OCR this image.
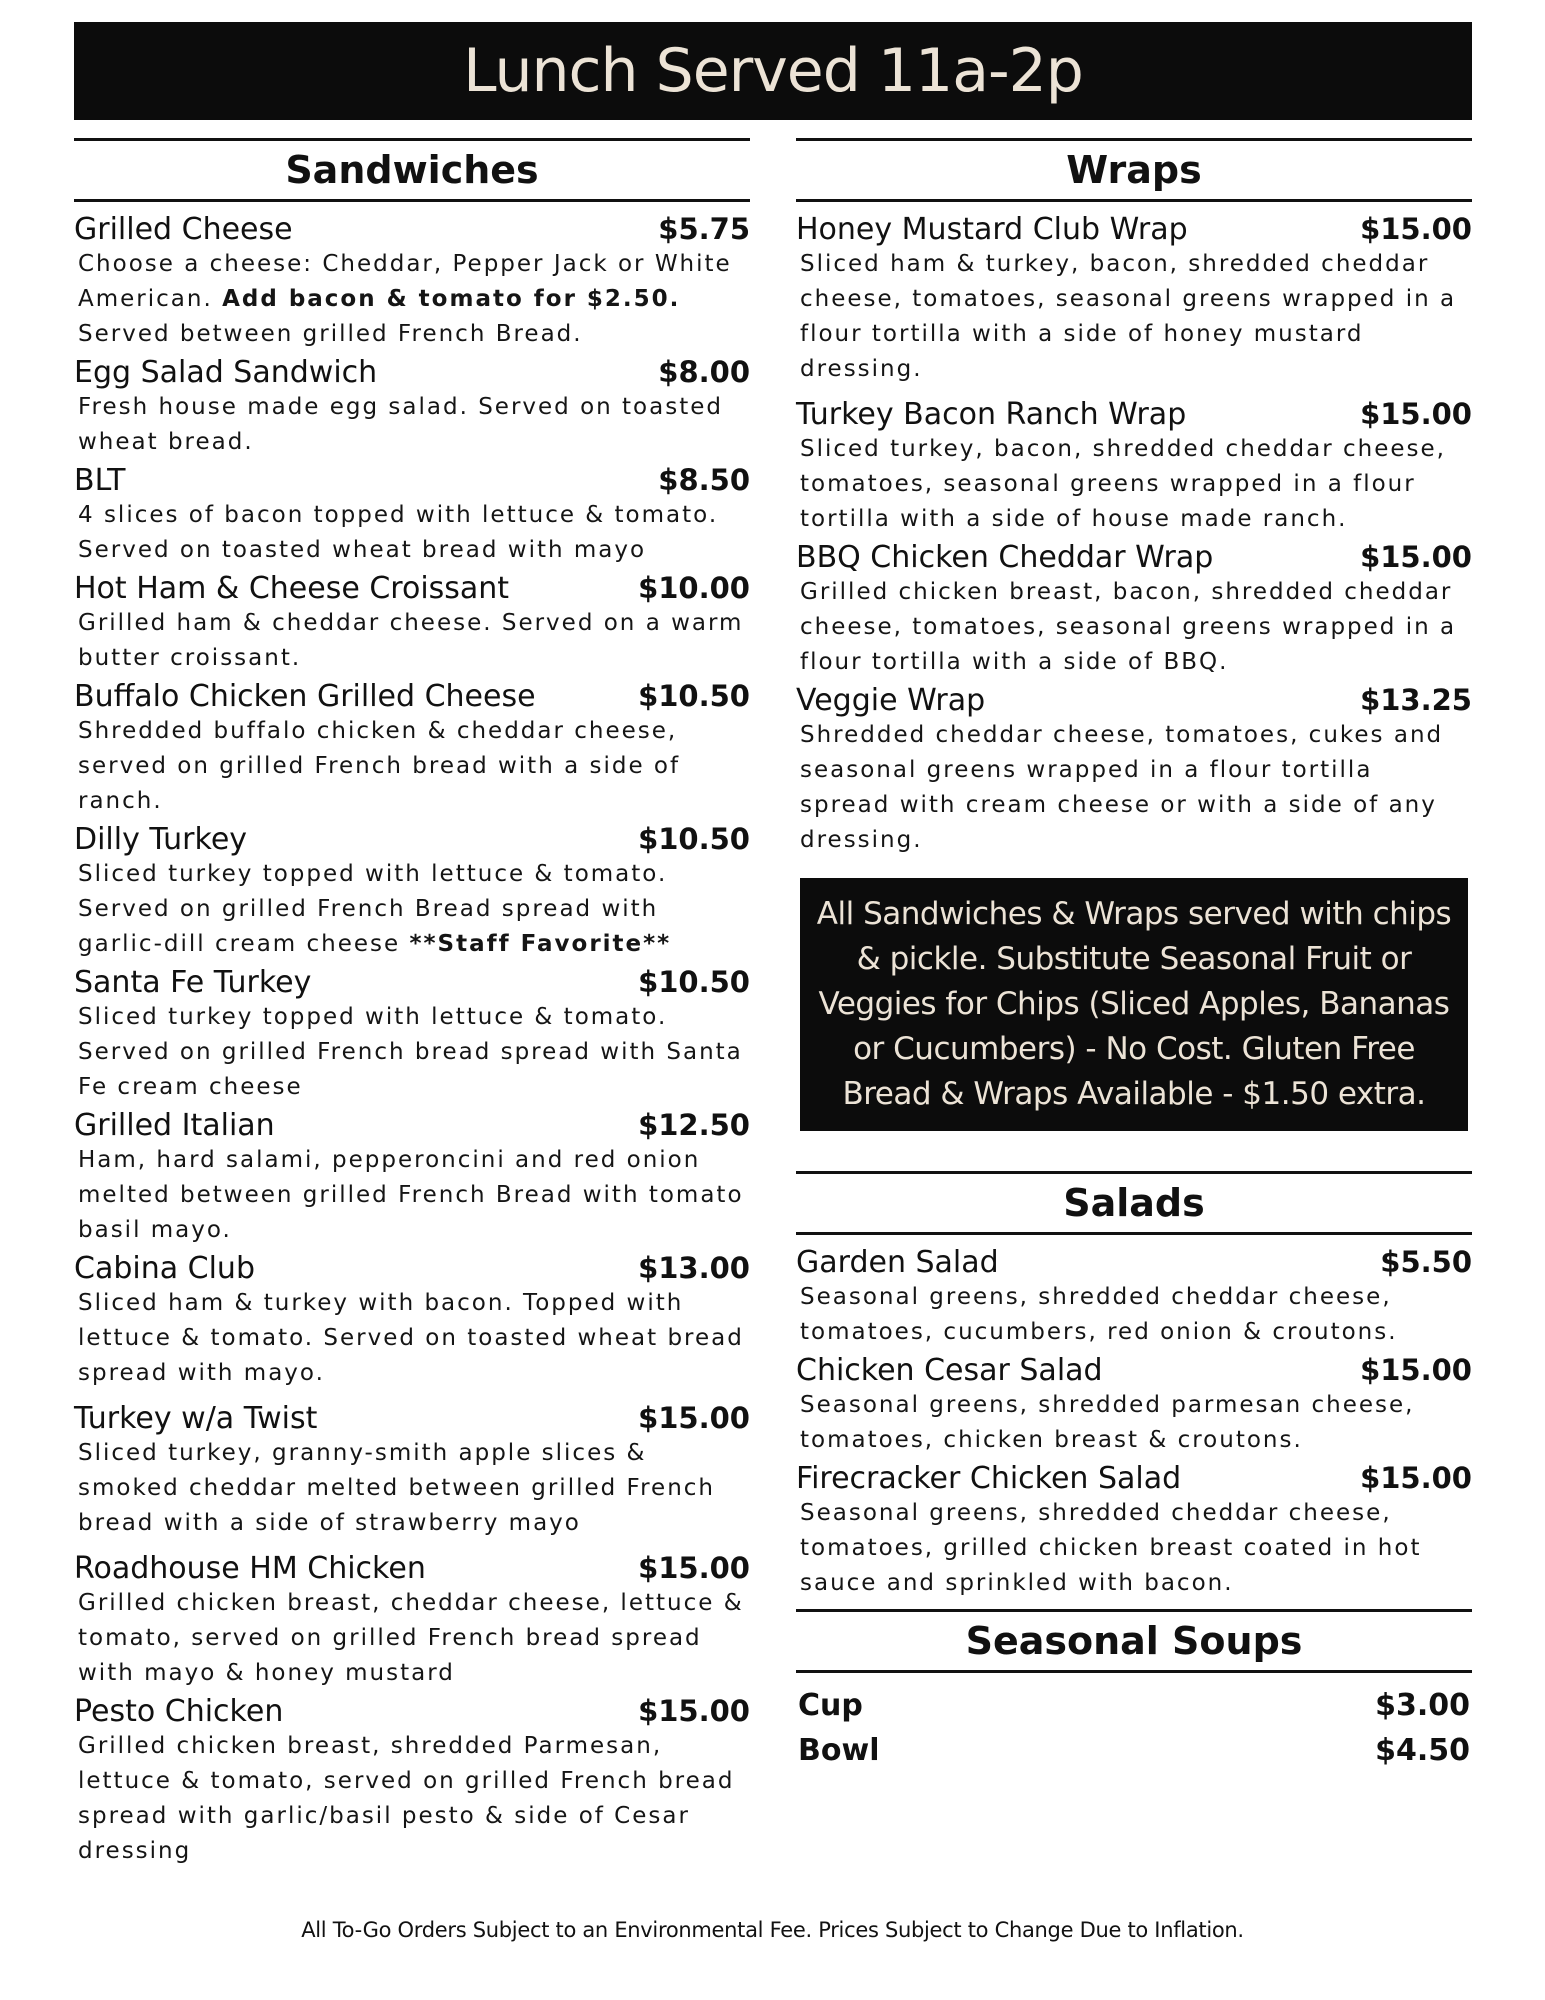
Lunch Served 11a-2p
Sandwiches
Grilled Cheese	$5.75
Choose a cheese: Cheddar, Pepper Jack or White American. Add bacon & tomato for $2.50. Served between grilled French Bread.
Egg Salad Sandwich	$8.00
Fresh house made egg salad. Served on toasted wheat bread.
BLT	$8.50
4 slices of bacon topped with lettuce & tomato. Served on toasted wheat bread with mayo
Hot Ham & Cheese Croissant	$10.00
Grilled ham & cheddar cheese. Served on a warm butter croissant.
Buffalo Chicken Grilled Cheese	$10.50
Shredded buffalo chicken & cheddar cheese, served on grilled French bread with a side of ranch.
Dilly Turkey	$10.50
Sliced turkey topped with lettuce & tomato. Served on grilled French Bread spread with garlic-dill cream cheese **Staff Favorite**
Santa Fe Turkey	$10.50
Sliced turkey topped with lettuce & tomato. Served on grilled French bread spread with Santa Fe cream cheese
Grilled Italian	$12.50
Ham, hard salami, pepperoncini and red onion melted between grilled French Bread with tomato basil mayo.
Cabina Club	$13.00
Sliced ham & turkey with bacon. Topped with lettuce & tomato. Served on toasted wheat bread spread with mayo.
Turkey w/a Twist	$15.00
Sliced turkey, granny-smith apple slices & smoked cheddar melted between grilled French bread with a side of strawberry mayo
Roadhouse HM Chicken	$15.00
Grilled chicken breast, cheddar cheese, lettuce & tomato, served on grilled French bread spread with mayo & honey mustard
Pesto Chicken	$15.00
Grilled chicken breast, shredded Parmesan, lettuce & tomato, served on grilled French bread spread with garlic/basil pesto & side of Cesar dressing
Wraps
Honey Mustard Club Wrap	$15.00
Sliced ham & turkey, bacon, shredded cheddar cheese, tomatoes, seasonal greens wrapped in a flour tortilla with a side of honey mustard dressing.
Turkey Bacon Ranch Wrap	$15.00
Sliced turkey, bacon, shredded cheddar cheese, tomatoes, seasonal greens wrapped in a flour tortilla with a side of house made ranch.
BBQ Chicken Cheddar Wrap	$15.00
Grilled chicken breast, bacon, shredded cheddar cheese, tomatoes, seasonal greens wrapped in a flour tortilla with a side of BBQ.
Veggie Wrap	$13.25
Shredded cheddar cheese, tomatoes, cukes and seasonal greens wrapped in a flour tortilla spread with cream cheese or with a side of any dressing.
All Sandwiches & Wraps served with chips & pickle. Substitute Seasonal Fruit or Veggies for Chips (Sliced Apples, Bananas or Cucumbers) - No Cost. Gluten Free Bread & Wraps Available - $1.50 extra.
Salads
Garden Salad	$5.50
Seasonal greens, shredded cheddar cheese, tomatoes, cucumbers, red onion & croutons.
Chicken Cesar Salad	$15.00
Seasonal greens, shredded parmesan cheese, tomatoes, chicken breast & croutons.
Firecracker Chicken Salad	$15.00
Seasonal greens, shredded cheddar cheese, tomatoes, grilled chicken breast coated in hot sauce and sprinkled with bacon.
Seasonal Soups
Cup	$3.00
Bowl	$4.50
All To-Go Orders Subject to an Environmental Fee. Prices Subject to Change Due to Inflation.
